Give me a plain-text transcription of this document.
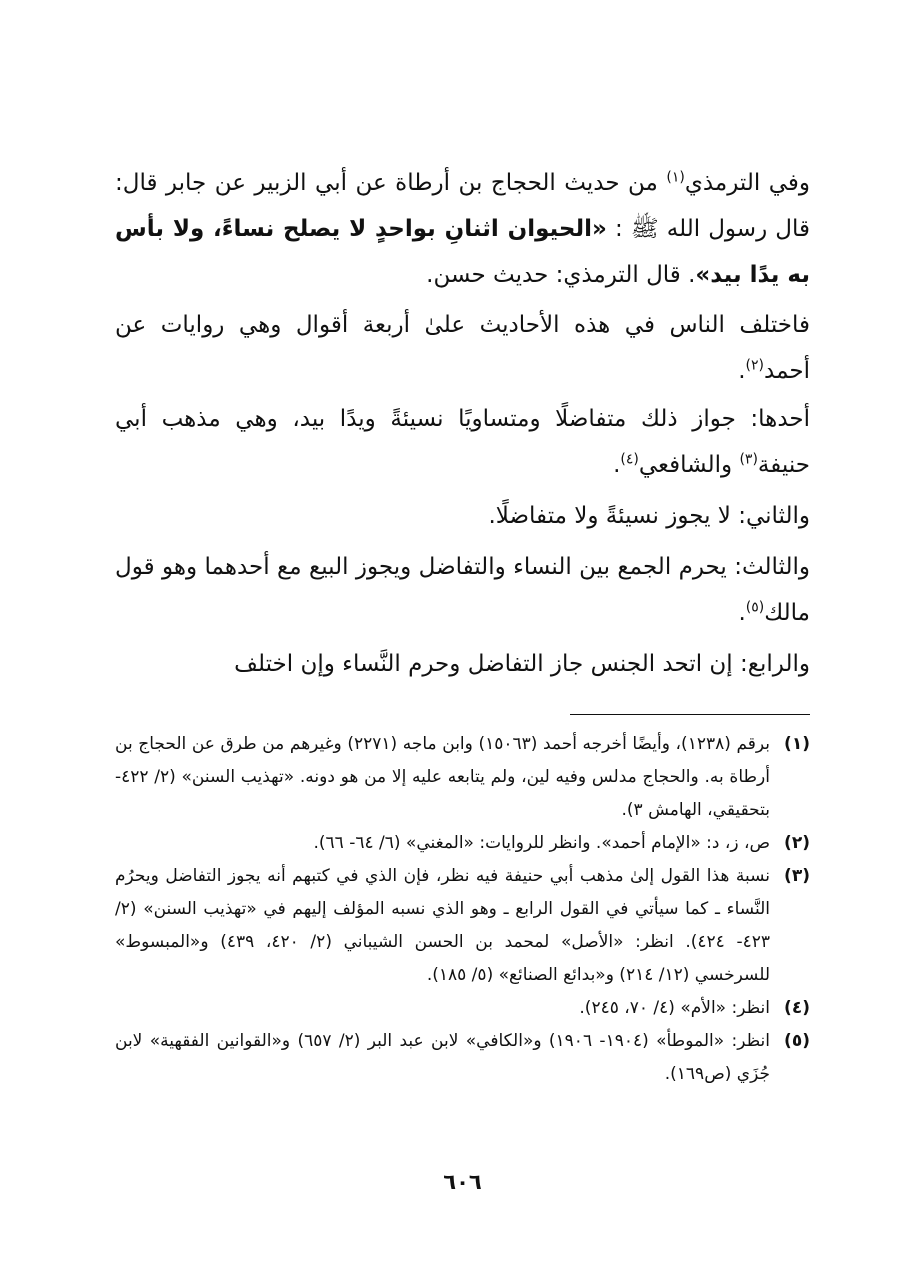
وفي الترمذي$^{(١)}$ من حديث الحجاج بن أرطاة عن أبي الزبير عن جابر قال: قال رسول الله ﷺ : «الحيوان اثنانِ بواحدٍ لا يصلح نساءً، ولا بأس به يدًا بيد». قال الترمذي: حديث حسن.

فاختلف الناس في هذه الأحاديث علىٰ أربعة أقوال وهي روايات عن أحمد$^{(٢)}$.

أحدها: جواز ذلك متفاضلًا ومتساويًا نسيئةً ويدًا بيد، وهي مذهب أبي حنيفة$^{(٣)}$ والشافعي$^{(٤)}$.

والثاني: لا يجوز نسيئةً ولا متفاضلًا.

والثالث: يحرم الجمع بين النساء والتفاضل ويجوز البيع مع أحدهما وهو قول مالك$^{(٥)}$.

والرابع: إن اتحد الجنس جاز التفاضل وحرم النَّساء وإن اختلف

(١)
برقم (١٢٣٨)، وأيضًا أخرجه أحمد (١٥٠٦٣) وابن ماجه (٢٢٧١) وغيرهم من طرق عن الحجاج بن أرطاة به. والحجاج مدلس وفيه لين، ولم يتابعه عليه إلا من هو دونه. «تهذيب السنن» (٢/ ٤٢٢- بتحقيقي، الهامش ٣).
(٢)
ص، ز، د: «الإمام أحمد». وانظر للروايات: «المغني» (٦/ ٦٤- ٦٦).
(٣)
نسبة هذا القول إلىٰ مذهب أبي حنيفة فيه نظر، فإن الذي في كتبهم أنه يجوز التفاضل ويحرُم النَّساء ـ كما سيأتي في القول الرابع ـ وهو الذي نسبه المؤلف إليهم في «تهذيب السنن» (٢/ ٤٢٣- ٤٢٤). انظر: «الأصل» لمحمد بن الحسن الشيباني (٢/ ٤٢٠، ٤٣٩) و«المبسوط» للسرخسي (١٢/ ٢١٤) و«بدائع الصنائع» (٥/ ١٨٥).
(٤)
انظر: «الأم» (٤/ ٧٠، ٢٤٥).
(٥)
انظر: «الموطأ» (١٩٠٤- ١٩٠٦) و«الكافي» لابن عبد البر (٢/ ٦٥٧) و«القوانين الفقهية» لابن جُزَي (ص١٦٩).
٦٠٦
